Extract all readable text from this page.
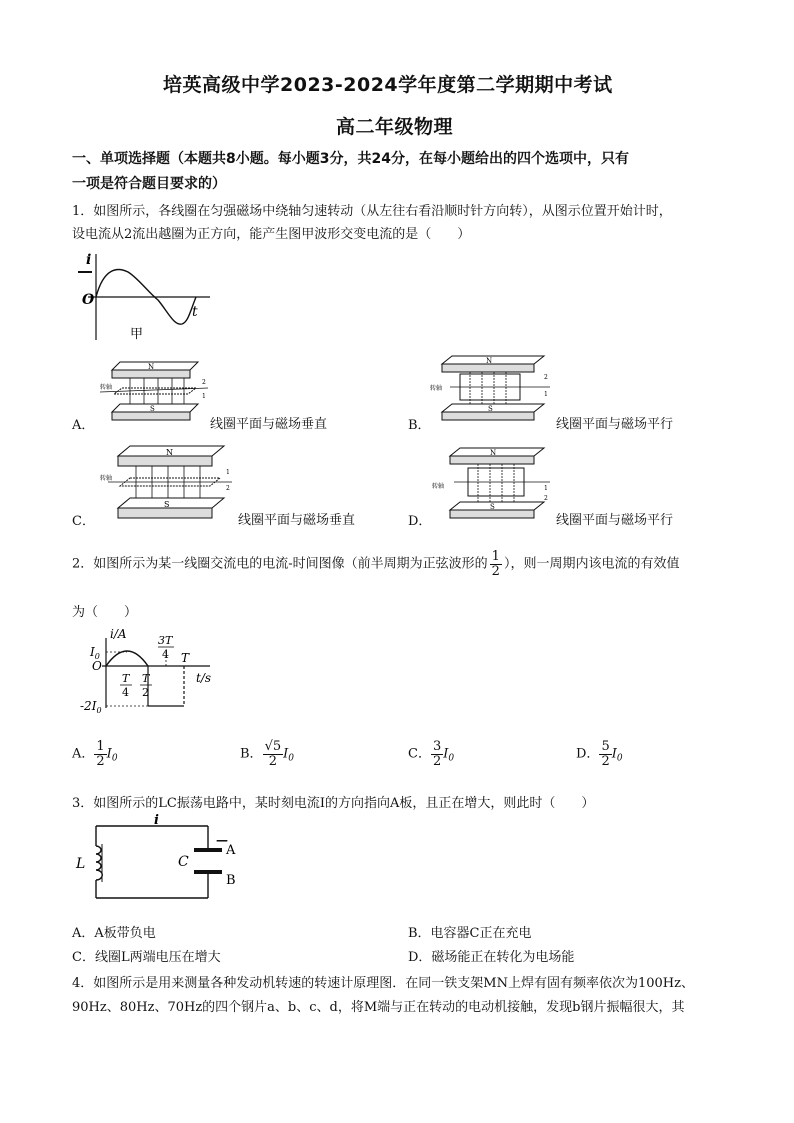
培英高级中学2023-2024学年度第二学期期中考试
高二年级物理
一、单项选择题（本题共8小题。每小题3分，共24分，在每小题给出的四个选项中，只有
一项是符合题目要求的）
1．如图所示，各线圈在匀强磁场中绕轴匀速转动（从左往右看沿顺时针方向转），从图示位置开始计时，
设电流从2流出越圈为正方向，能产生图甲波形交变电流的是（　　）
i
O
t
甲
A．
N
S
转轴
2
1
线圈平面与磁场垂直	B．
N
S
转轴
2
1
线圈平面与磁场平行
C．
N
S
转轴
1
2
线圈平面与磁场垂直	D．
N
S
转轴	1
2
线圈平面与磁场平行
2．如图所示为某一线圈交流电的电流-时间图像（前半周期为正弦波形的 $\frac{1}{2}$ ），则一周期内该电流的有效值
为（　　）
i/A
$I_0$
O
3T
4 T
T
4
T
2
t/s
$-2I_0$
A． $\frac{1}{2} I_0$	B． $\frac{√5}{2} I_0$	C． $\frac{3}{2} I_0$	D． $\frac{5}{2} I_0$
3．如图所示的LC振荡电路中，某时刻电流I的方向指向A板，且正在增大，则此时（　　）
i
L	C
A
B
—
A．A板带负电	B．电容器C正在充电
C．线圈L两端电压在增大	D．磁场能正在转化为电场能
4．如图所示是用来测量各种发动机转速的转速计原理图．在同一铁支架MN上焊有固有频率依次为100Hz、
90Hz、80Hz、70Hz的四个钢片a、b、c、d，将M端与正在转动的电动机接触，发现b钢片振幅很大，其
